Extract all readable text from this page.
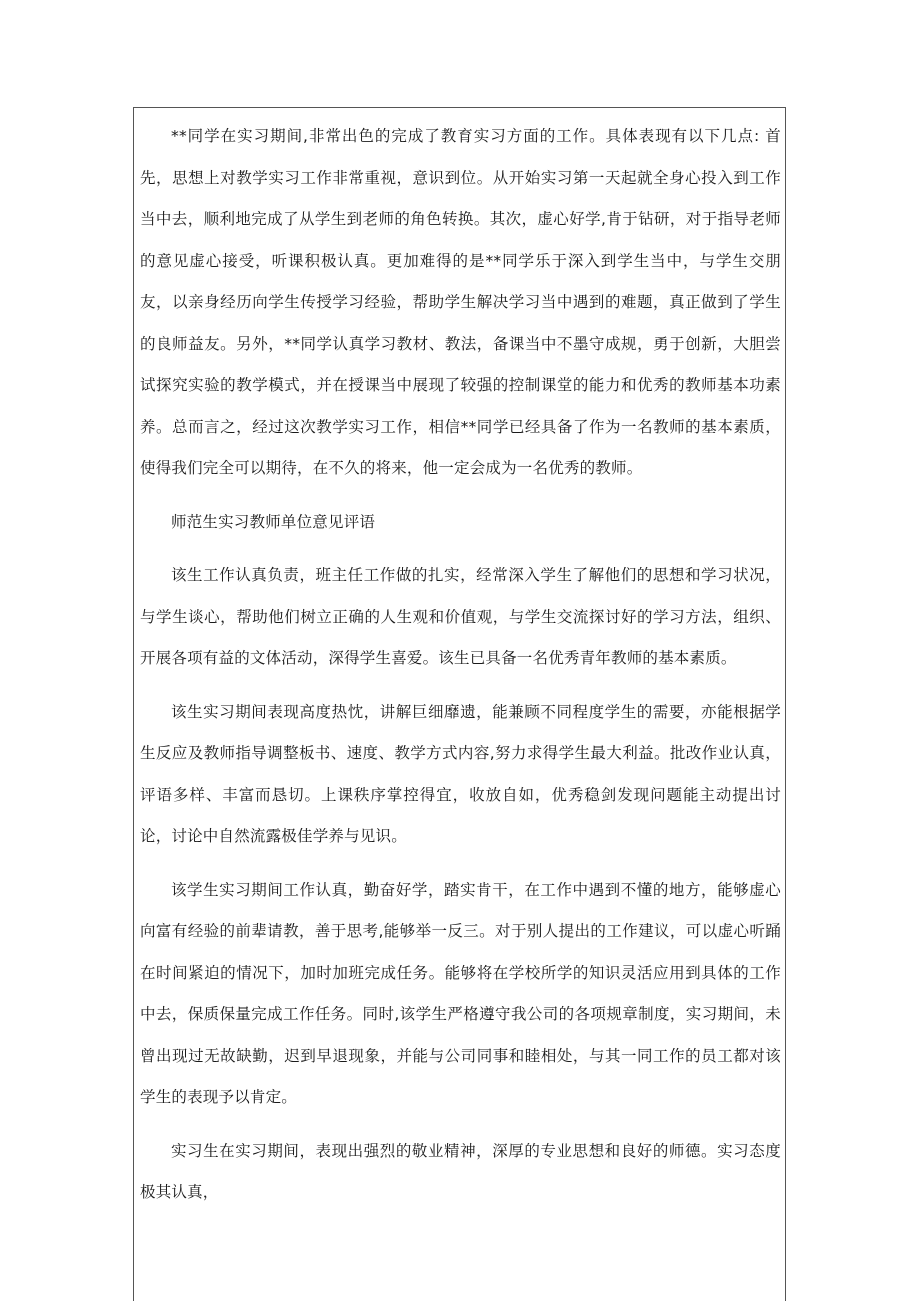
**同学在实习期间,非常出色的完成了教育实习方面的工作。具体表现有以下几点: 首先，思想上对教学实习工作非常重视，意识到位。从开始实习第一天起就全身心投入到工作当中去，顺利地完成了从学生到老师的角色转换。其次，虚心好学,肯于钻研，对于指导老师的意见虚心接受，听课积极认真。更加难得的是**同学乐于深入到学生当中，与学生交朋友，以亲身经历向学生传授学习经验，帮助学生解决学习当中遇到的难题，真正做到了学生的良师益友。另外，**同学认真学习教材、教法，备课当中不墨守成规，勇于创新，大胆尝试探究实验的教学模式，并在授课当中展现了较强的控制课堂的能力和优秀的教师基本功素养。总而言之，经过这次教学实习工作，相信**同学已经具备了作为一名教师的基本素质，使得我们完全可以期待，在不久的将来，他一定会成为一名优秀的教师。

师范生实习教师单位意见评语

该生工作认真负责，班主任工作做的扎实，经常深入学生了解他们的思想和学习状况，与学生谈心，帮助他们树立正确的人生观和价值观，与学生交流探讨好的学习方法，组织、开展各项有益的文体活动，深得学生喜爱。该生已具备一名优秀青年教师的基本素质。

该生实习期间表现高度热忱，讲解巨细靡遗，能兼顾不同程度学生的需要，亦能根据学生反应及教师指导调整板书、速度、教学方式内容,努力求得学生最大利益。批改作业认真，评语多样、丰富而恳切。上课秩序掌控得宜，收放自如，优秀稳剑发现问题能主动提出讨论，讨论中自然流露极佳学养与见识。

该学生实习期间工作认真，勤奋好学，踏实肯干，在工作中遇到不懂的地方，能够虚心向富有经验的前辈请教，善于思考,能够举一反三。对于别人提出的工作建议，可以虚心听踊在时间紧迫的情况下，加时加班完成任务。能够将在学校所学的知识灵活应用到具体的工作中去，保质保量完成工作任务。同时,该学生严格遵守我公司的各项规章制度，实习期间，未曾出现过无故缺勤，迟到早退现象，并能与公司同事和睦相处，与其一同工作的员工都对该学生的表现予以肯定。

实习生在实习期间，表现出强烈的敬业精神，深厚的专业思想和良好的师德。实习态度极其认真，
